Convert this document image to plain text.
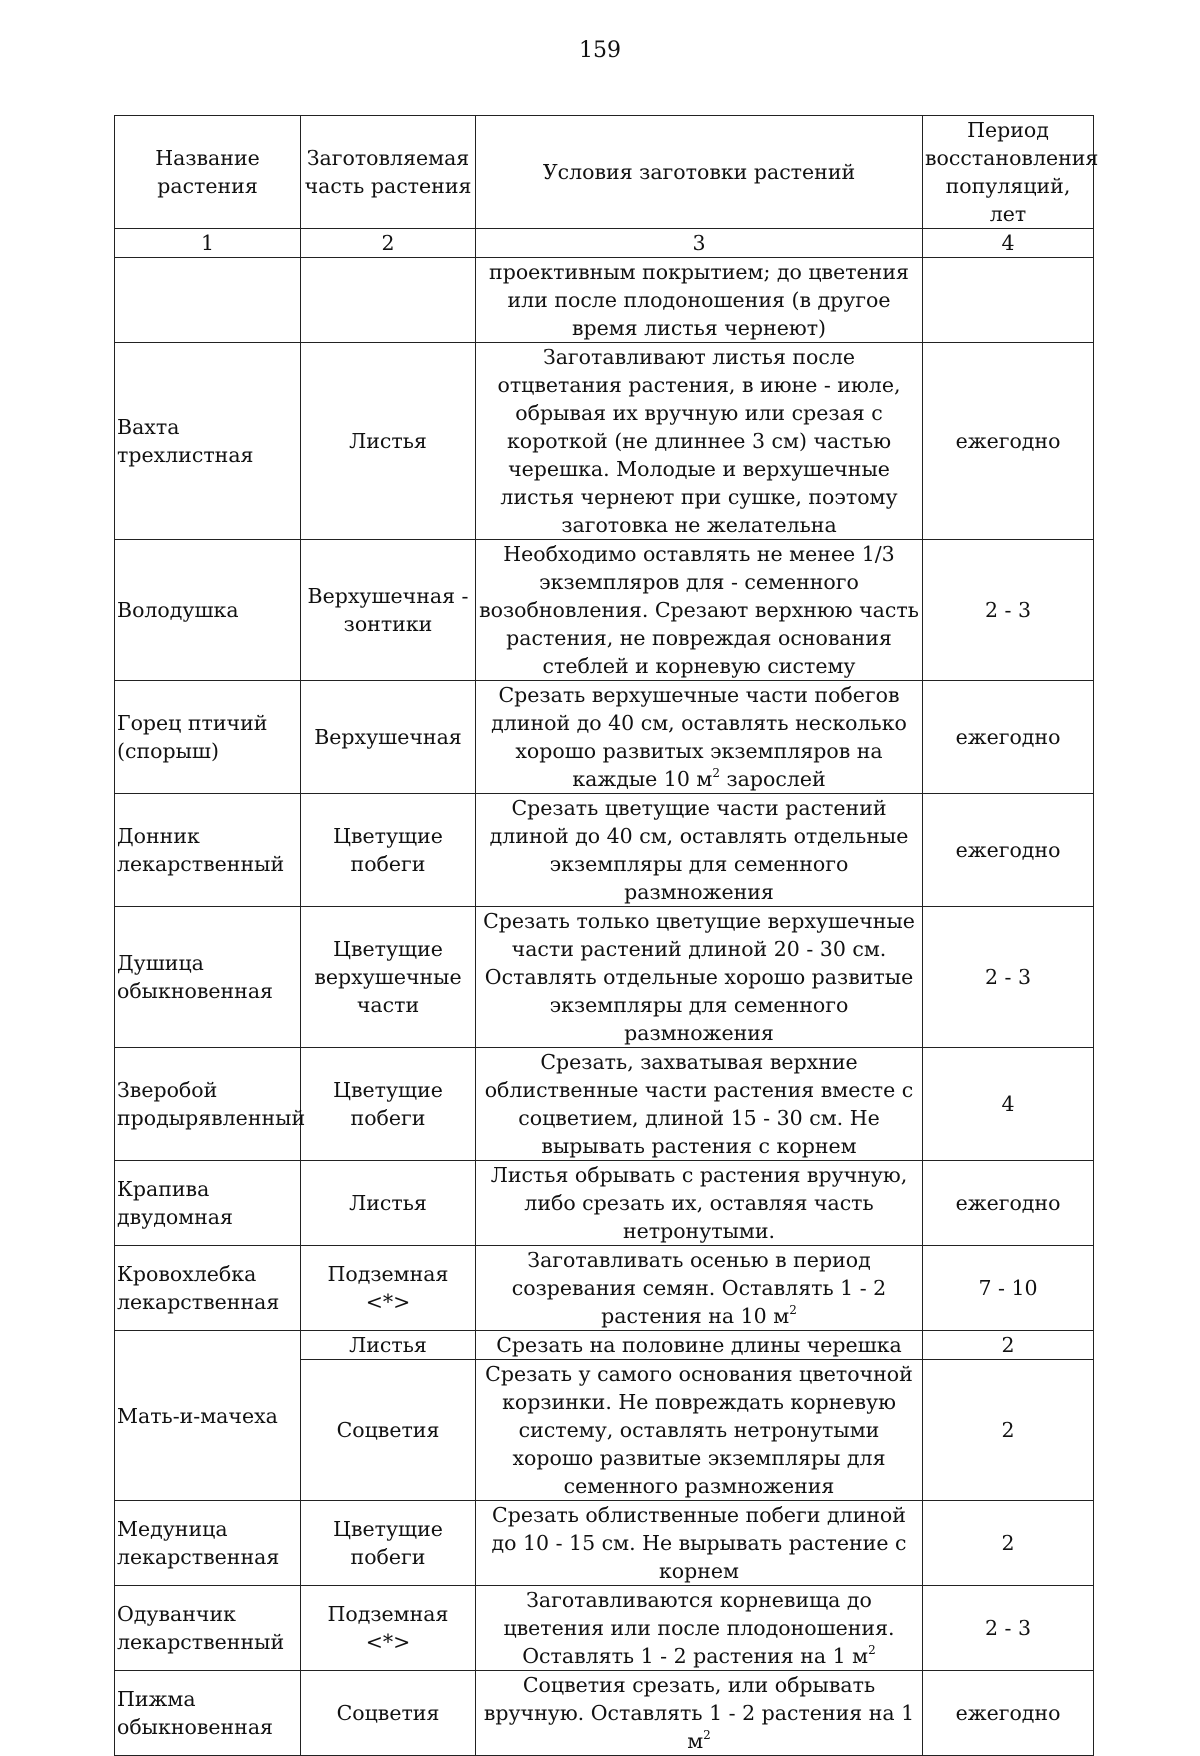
159
Название растения	Заготовляемая часть растения	Условия заготовки растений	Период восстановления популяций, лет
1	2	3	4
		проективным покрытием; до цветения или после плодоношения (в другое время листья чернеют)	
Вахта трехлистная	Листья	Заготавливают листья после отцветания растения, в июне - июле, обрывая их вручную или срезая с короткой (не длиннее 3 см) частью черешка. Молодые и верхушечные листья чернеют при сушке, поэтому заготовка не желательна	ежегодно
Володушка	Верхушечная - зонтики	Необходимо оставлять не менее 1/3 экземпляров для - семенного возобновления. Срезают верхнюю часть растения, не повреждая основания стеблей и корневую систему	2 - 3
Горец птичий (спорыш)	Верхушечная	Срезать верхушечные части побегов длиной до 40 см, оставлять несколько хорошо развитых экземпляров на каждые 10 $м^2$ зарослей	ежегодно
Донник лекарственный	Цветущие побеги	Срезать цветущие части растений длиной до 40 см, оставлять отдельные экземпляры для семенного размножения	ежегодно
Душица обыкновенная	Цветущие верхушечные части	Срезать только цветущие верхушечные части растений длиной 20 - 30 см. Оставлять отдельные хорошо развитые экземпляры для семенного размножения	2 - 3
Зверобой продырявленный	Цветущие побеги	Срезать, захватывая верхние облиственные части растения вместе с соцветием, длиной 15 - 30 см. Не вырывать растения с корнем	4
Крапива двудомная	Листья	Листья обрывать с растения вручную, либо срезать их, оставляя часть нетронутыми.	ежегодно
Кровохлебка лекарственная	Подземная <*>	Заготавливать осенью в период созревания семян. Оставлять 1 - 2 растения на 10 $м^2$	7 - 10
Мать-и-мачеха	Листья	Срезать на половине длины черешка	2
	Соцветия	Срезать у самого основания цветочной корзинки. Не повреждать корневую систему, оставлять нетронутыми хорошо развитые экземпляры для семенного размножения	2
Медуница лекарственная	Цветущие побеги	Срезать облиственные побеги длиной до 10 - 15 см. Не вырывать растение с корнем	2
Одуванчик лекарственный	Подземная <*>	Заготавливаются корневища до цветения или после плодоношения. Оставлять 1 - 2 растения на 1 $м^2$	2 - 3
Пижма обыкновенная	Соцветия	Соцветия срезать, или обрывать вручную. Оставлять 1 - 2 растения на 1 $м^2$	ежегодно
